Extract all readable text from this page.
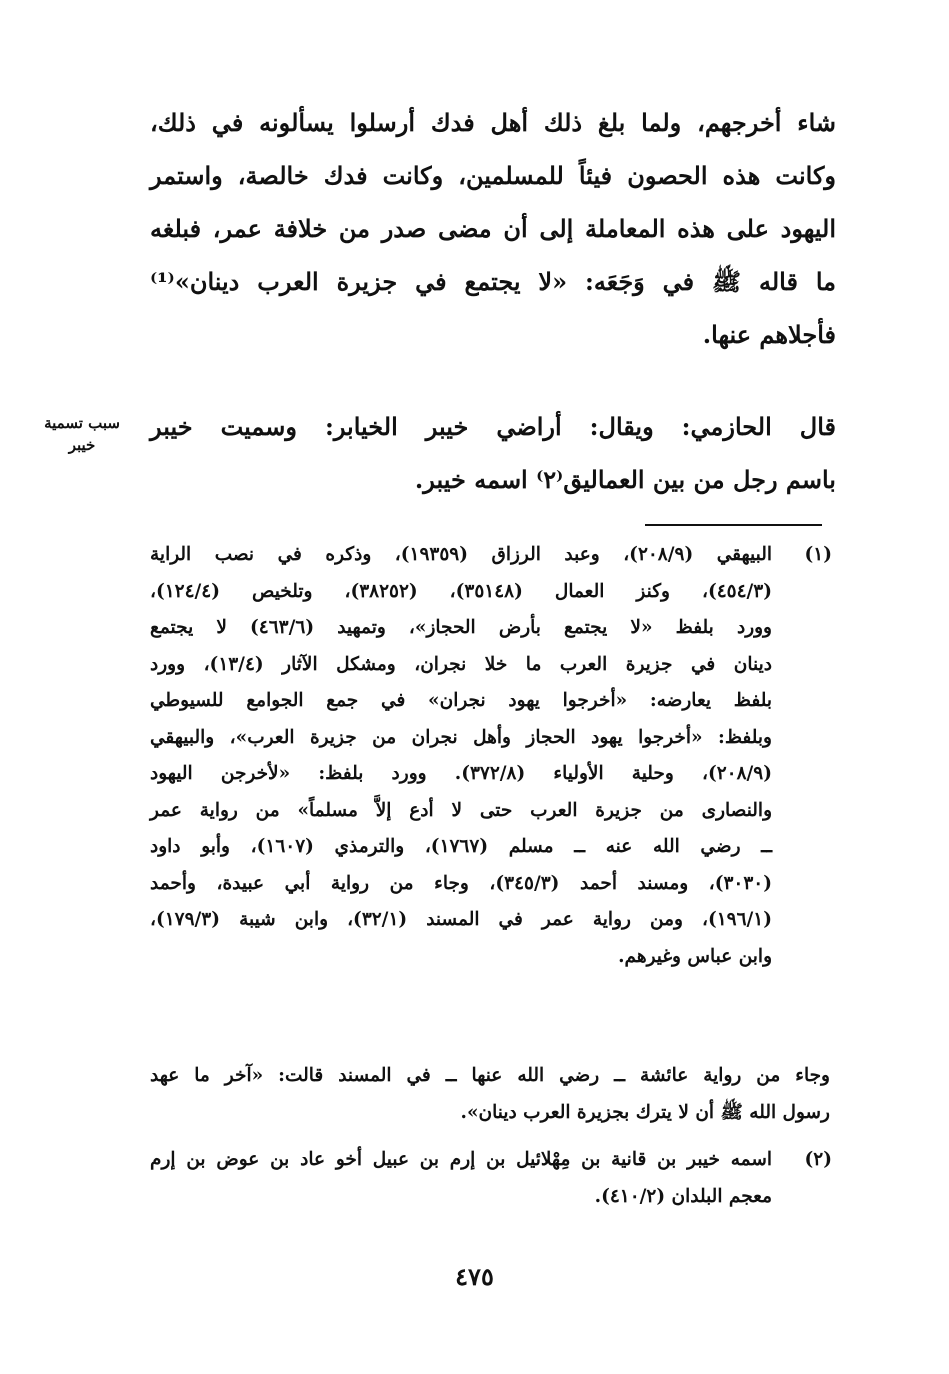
شاء أخرجهم، ولما بلغ ذلك أهل فدك أرسلوا يسألونه في ذلك،
وكانت هذه الحصون فيئاً للمسلمين، وكانت فدك خالصة، واستمر
اليهود على هذه المعاملة إلى أن مضى صدر من خلافة عمر، فبلغه
ما قاله ﷺ في وَجَعَه: «لا يجتمع في جزيرة العرب دينان»⁽¹⁾
فأجلاهم عنها.
قال الحازمي: ويقال: أراضي خيبر الخيابر: وسميت خيبر
باسم رجل من بين العماليق⁽٢⁾ اسمه خيبر.
سبب تسمية
خيبر
(١)
البيهقي (٢٠٨/٩)، وعبد الرزاق (١٩٣٥٩)، وذكره في نصب الراية
(٤٥٤/٣)، وكنز العمال (٣٥١٤٨)، (٣٨٢٥٢)، وتلخيص (١٢٤/٤)،
وورد بلفظ «لا يجتمع بأرض الحجاز»، وتمهيد (٤٦٣/٦) لا يجتمع
دينان في جزيرة العرب ما خلا نجران، ومشكل الآثار (١٣/٤)، وورد
بلفظ يعارضه: «أخرجوا يهود نجران» في جمع الجوامع للسيوطي
وبلفظ: «أخرجوا يهود الحجاز وأهل نجران من جزيرة العرب»، والبيهقي
(٢٠٨/٩)، وحلية الأولياء (٣٧٢/٨). وورد بلفظ: «لأخرجن اليهود
والنصارى من جزيرة العرب حتى لا أدع إلاَّ مسلماً» من رواية عمر
ــ رضي الله عنه ــ مسلم (١٧٦٧)، والترمذي (١٦٠٧)، وأبو داود
(٣٠٣٠)، ومسند أحمد (٣٤٥/٣)، وجاء من رواية أبي عبيدة، وأحمد
(١٩٦/١)، ومن رواية عمر في المسند (٣٢/١)، وابن شيبة (١٧٩/٣)،
وابن عباس وغيرهم.
وجاء من رواية عائشة ــ رضي الله عنها ــ في المسند قالت: «آخر ما عهد
رسول الله ﷺ أن لا يترك بجزيرة العرب دينان».
(٢)
اسمه خيبر بن قانية بن مِهْلائيل بن إرم بن عبيل أخو عاد بن عوض بن إرم
معجم البلدان (٤١٠/٢).
٤٧٥
